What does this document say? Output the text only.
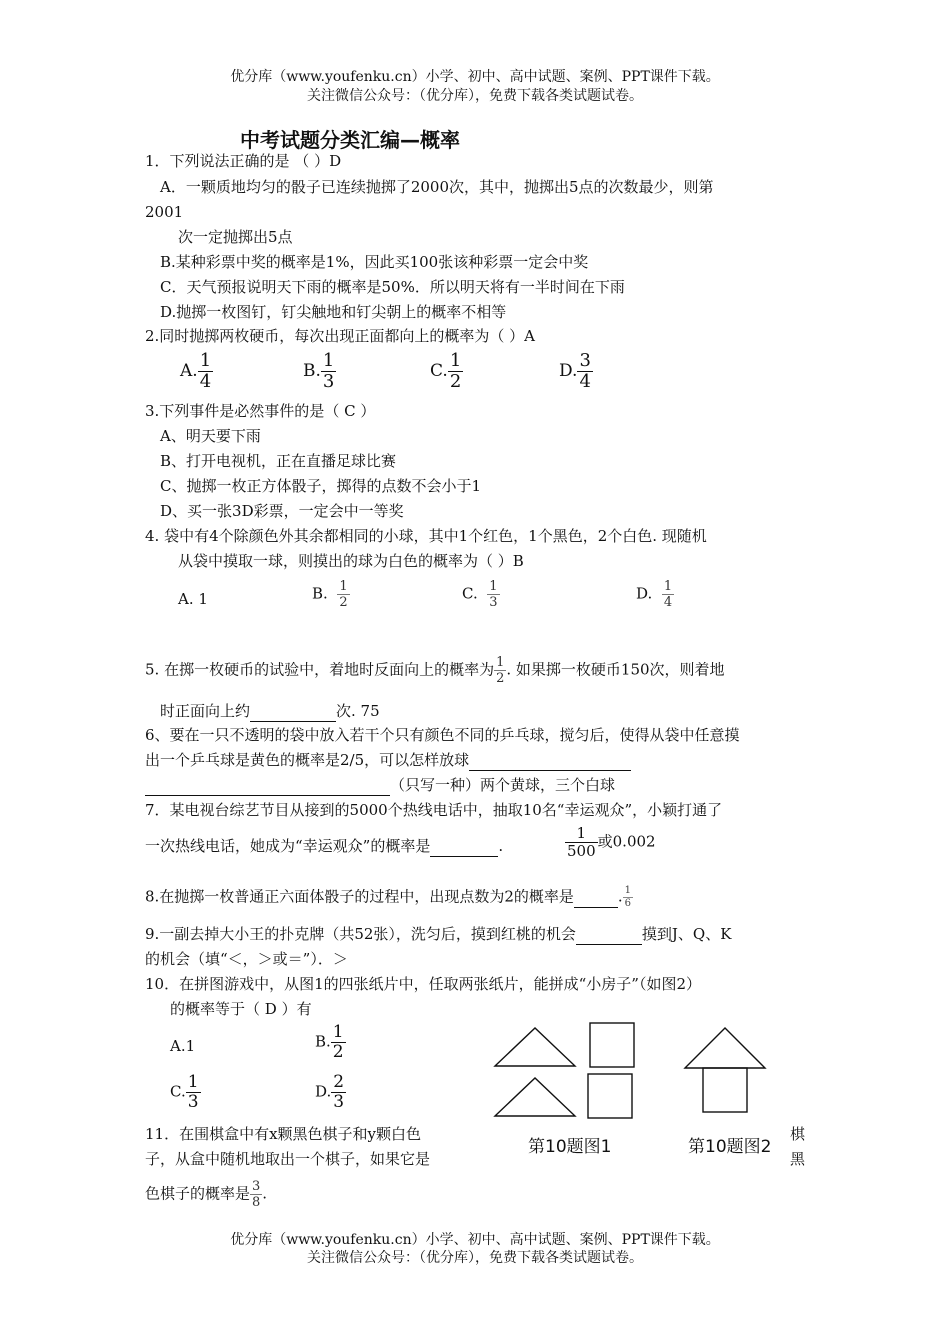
优分库（www.youfenku.cn）小学、初中、高中试题、案例、PPT课件下载。
关注微信公众号：（优分库），免费下载各类试题试卷。
中考试题分类汇编—概率
1．下列说法正确的是 （ ）D
A．一颗质地均匀的骰子已连续抛掷了2000次，其中，抛掷出5点的次数最少，则第
2001
次一定抛掷出5点
B.某种彩票中奖的概率是1%，因此买100张该种彩票一定会中奖
C．天气预报说明天下雨的概率是50%．所以明天将有一半时间在下雨
D.抛掷一枚图钉，钉尖触地和钉尖朝上的概率不相等
2.同时抛掷两枚硬币，每次出现正面都向上的概率为（ ）A
A. $\frac{1}{4}$	B. $\frac{1}{3}$	C. $\frac{1}{2}$	D. $\frac{3}{4}$
3.下列事件是必然事件的是（ C ）
A、明天要下雨
B、打开电视机，正在直播足球比赛
C、抛掷一枚正方体骰子，掷得的点数不会小于1
D、买一张3D彩票，一定会中一等奖
4. 袋中有4个除颜色外其余都相同的小球，其中1个红色，1个黑色，2个白色. 现随机
从袋中摸取一球，则摸出的球为白色的概率为（ ）B
A. 1	B. $\frac{1}{2}$	C. $\frac{1}{3}$	D. $\frac{1}{4}$
5. 在掷一枚硬币的试验中，着地时反面向上的概率为 $\frac{1}{2}$ . 如果掷一枚硬币150次，则着地
时正面向上约	次. 75
6、要在一只不透明的袋中放入若干个只有颜色不同的乒乓球，搅匀后，使得从袋中任意摸
出一个乒乓球是黄色的概率是2/5，可以怎样放球
（只写一种）两个黄球，三个白球
7．某电视台综艺节目从接到的5000个热线电话中，抽取10名“幸运观众”，小颖打通了
一次热线电话，她成为“幸运观众”的概率是	.	$\frac{1}{500}$ 或0.002
8.在抛掷一枚普通正六面体骰子的过程中，出现点数为2的概率是	. $\frac{1}{6}$
9.一副去掉大小王的扑克牌（共52张），洗匀后，摸到红桃的机会	摸到J、Q、K
的机会（填“＜，＞或＝”）．＞
10．在拼图游戏中，从图1的四张纸片中，任取两张纸片，能拼成“小房子”（如图2）
的概率等于（ D ）有
A.1	B. $\frac{1}{2}$
C. $\frac{1}{3}$	D. $\frac{2}{3}$
第10题图1	第10题图2
11．在围棋盒中有x颗黑色棋子和y颗白色	棋
子，从盒中随机地取出一个棋子，如果它是	黑
色棋子的概率是 $\frac{3}{8}$ .
优分库（www.youfenku.cn）小学、初中、高中试题、案例、PPT课件下载。
关注微信公众号：（优分库），免费下载各类试题试卷。
